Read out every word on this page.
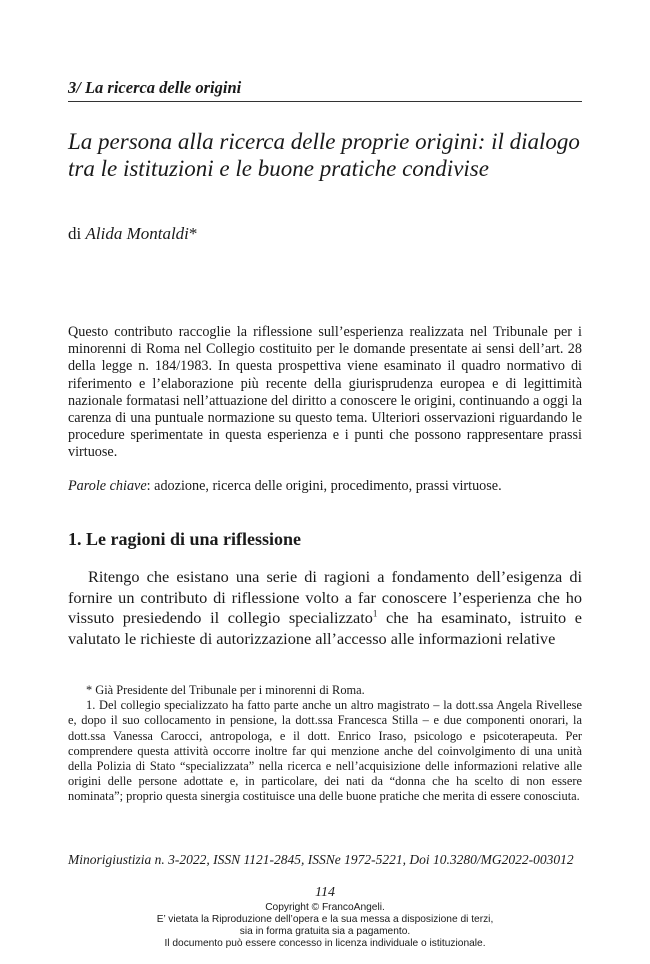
3/ La ricerca delle origini
La persona alla ricerca delle proprie origini: il dialogo tra le istituzioni e le buone pratiche condivise
di Alida Montaldi*
Questo contributo raccoglie la riflessione sull’esperienza realizzata nel Tribunale per i minorenni di Roma nel Collegio costituito per le domande presentate ai sensi dell’art. 28 della legge n. 184/1983. In questa prospettiva viene esaminato il quadro normativo di riferimento e l’elaborazione più recente della giurisprudenza europea e di legittimità nazionale formatasi nell’attuazione del diritto a conoscere le origini, continuando a oggi la carenza di una puntuale normazione su questo tema. Ulteriori osservazioni riguardando le procedure sperimentate in questa esperienza e i punti che possono rappresentare prassi virtuose.
Parole chiave: adozione, ricerca delle origini, procedimento, prassi virtuose.
1. Le ragioni di una riflessione
Ritengo che esistano una serie di ragioni a fondamento dell’esigenza di fornire un contributo di riflessione volto a far conoscere l’esperienza che ho vissuto presiedendo il collegio specializzato$^1$ che ha esaminato, istruito e valutato le richieste di autorizzazione all’accesso alle informazioni relative

* Già Presidente del Tribunale per i minorenni di Roma.

1. Del collegio specializzato ha fatto parte anche un altro magistrato – la dott.ssa Angela Rivellese e, dopo il suo collocamento in pensione, la dott.ssa Francesca Stilla – e due componenti onorari, la dott.ssa Vanessa Carocci, antropologa, e il dott. Enrico Iraso, psicologo e psicoterapeuta. Per comprendere questa attività occorre inoltre far qui menzione anche del coinvolgimento di una unità della Polizia di Stato “specializzata” nella ricerca e nell’acquisizione delle informazioni relative alle origini delle persone adottate e, in particolare, dei nati da “donna che ha scelto di non essere nominata”; proprio questa sinergia costituisce una delle buone pratiche che merita di essere conosciuta.

Minorigiustizia n. 3-2022, ISSN 1121-2845, ISSNe 1972-5221, Doi 10.3280/MG2022-003012
114
Copyright © FrancoAngeli.
E’ vietata la Riproduzione dell’opera e la sua messa a disposizione di terzi,
sia in forma gratuita sia a pagamento.
Il documento può essere concesso in licenza individuale o istituzionale.
